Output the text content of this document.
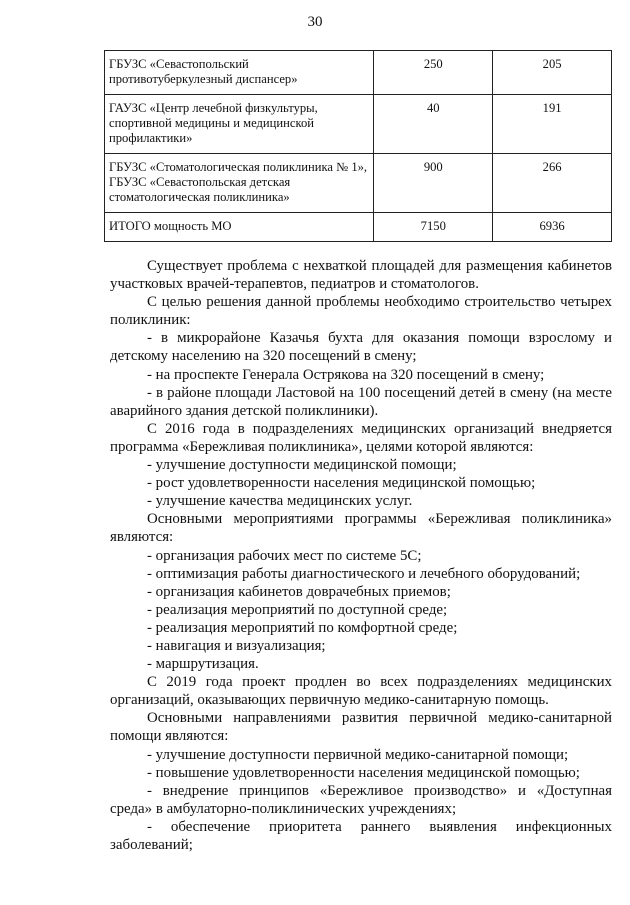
30
ГБУЗС «Севастопольский противотуберкулезный диспансер»	250	205
ГАУЗС «Центр лечебной физкультуры, спортивной медицины и медицинской профилактики»	40	191
ГБУЗС «Стоматологическая поликлиника № 1», ГБУЗС «Севастопольская детская стоматологическая поликлиника»	900	266
ИТОГО мощность МО	7150	6936

Существует проблема с нехваткой площадей для размещения кабинетов участковых врачей-терапевтов, педиатров и стоматологов.

С целью решения данной проблемы необходимо строительство четырех поликлиник:

- в микрорайоне Казачья бухта для оказания помощи взрослому и детскому населению на 320 посещений в смену;

- на проспекте Генерала Острякова на 320 посещений в смену;

- в районе площади Ластовой на 100 посещений детей в смену (на месте аварийного здания детской поликлиники).

С 2016 года в подразделениях медицинских организаций внедряется программа «Бережливая поликлиника», целями которой являются:

- улучшение доступности медицинской помощи;

- рост удовлетворенности населения медицинской помощью;

- улучшение качества медицинских услуг.

Основными мероприятиями программы «Бережливая поликлиника» являются:

- организация рабочих мест по системе 5С;

- оптимизация работы диагностического и лечебного оборудований;

- организация кабинетов доврачебных приемов;

- реализация мероприятий по доступной среде;

- реализация мероприятий по комфортной среде;

- навигация и визуализация;

- маршрутизация.

С 2019 года проект продлен во всех подразделениях медицинских организаций, оказывающих первичную медико-санитарную помощь.

Основными направлениями развития первичной медико-санитарной помощи являются:

- улучшение доступности первичной медико-санитарной помощи;

- повышение удовлетворенности населения медицинской помощью;

- внедрение принципов «Бережливое производство» и «Доступная среда» в амбулаторно-поликлинических учреждениях;

- обеспечение приоритета раннего выявления инфекционных заболеваний;
